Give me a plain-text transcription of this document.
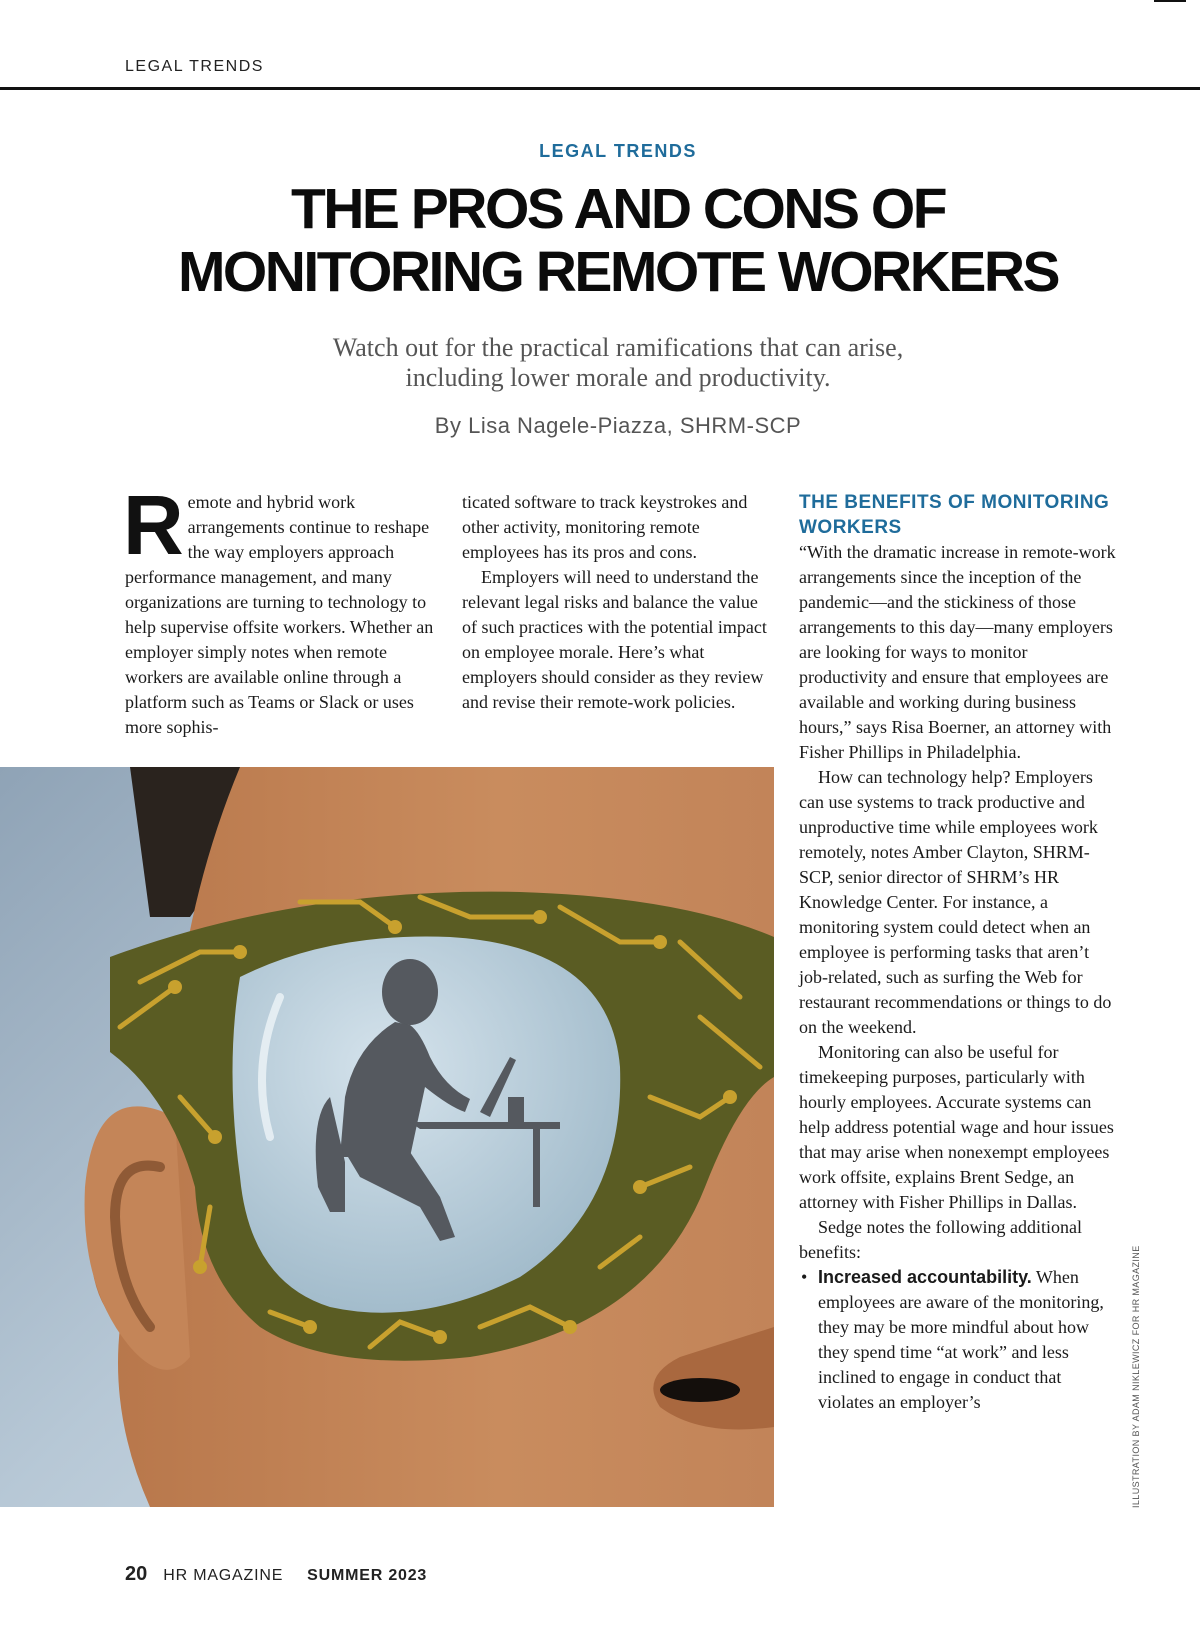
LEGAL TRENDS
LEGAL TRENDS
THE PROS AND CONS OF
MONITORING REMOTE WORKERS
Watch out for the practical ramifications that can arise,
including lower morale and productivity.
By Lisa Nagele-Piazza, SHRM-SCP

Remote and hybrid work arrangements continue to reshape the way employers approach performance management, and many organizations are turning to technology to help supervise offsite workers. Whether an employer simply notes when remote workers are available online through a platform such as Teams or Slack or uses more sophis-

ticated software to track keystrokes and other activity, monitoring remote employees has its pros and cons.

Employers will need to understand the relevant legal risks and balance the value of such practices with the potential impact on employee morale. Here’s what employers should consider as they review and revise their remote-work policies.

THE BENEFITS OF MONITORING WORKERS

“With the dramatic increase in remote-work arrangements since the inception of the pandemic—and the stickiness of those arrangements to this day—many employers are looking for ways to monitor productivity and ensure that employees are available and working during business hours,” says Risa Boerner, an attorney with Fisher Phillips in Philadelphia.

How can technology help? Employers can use systems to track productive and unproductive time while employees work remotely, notes Amber Clayton, SHRM-SCP, senior director of SHRM’s HR Knowledge Center. For instance, a monitoring system could detect when an employee is performing tasks that aren’t job-related, such as surfing the Web for restaurant recommendations or things to do on the weekend.

Monitoring can also be useful for timekeeping purposes, particularly with hourly employees. Accurate systems can help address potential wage and hour issues that may arise when nonexempt employees work offsite, explains Brent Sedge, an attorney with Fisher Phillips in Dallas.

Sedge notes the following additional benefits:

• Increased accountability. When employees are aware of the monitoring, they may be more mindful about how they spend time “at work” and less inclined to engage in conduct that violates an employer’s	ILLUSTRATION BY ADAM NIKLEWICZ FOR HR MAGAZINE
20 HR MAGAZINE SUMMER 2023
